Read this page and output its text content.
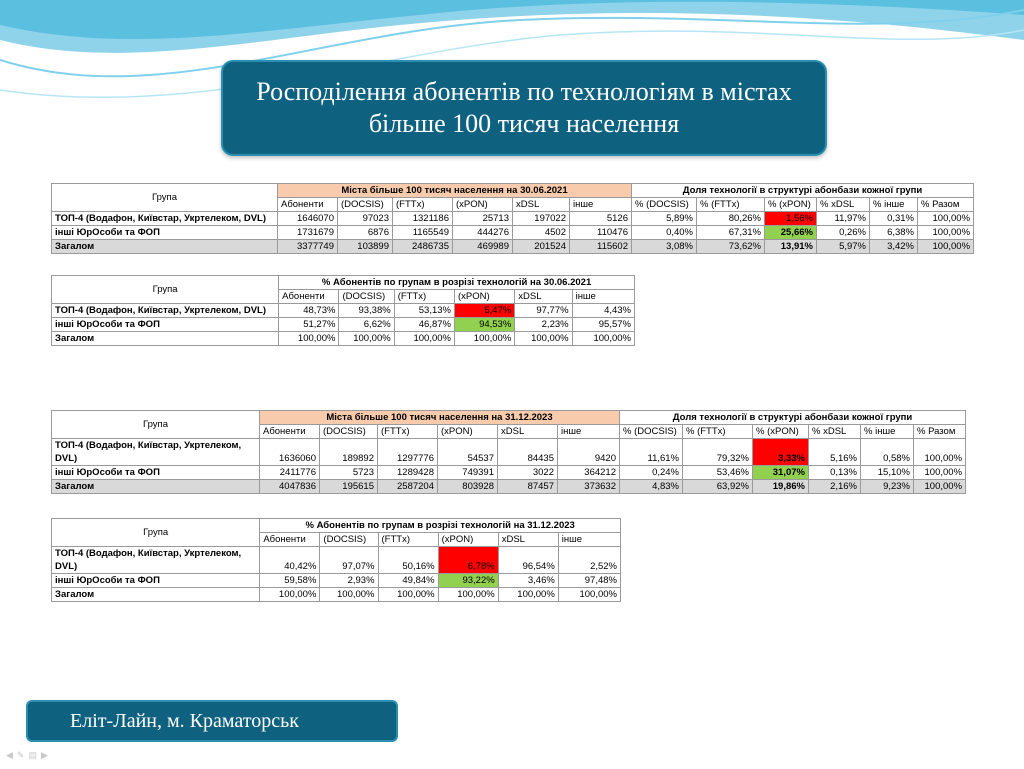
Росподілення абонентів по технологіям в містах
більше 100 тисяч населення
Група	Міста більше 100 тисяч населення на 30.06.2021						Доля технології в структурі абонбази кожної групи					
	Абоненти	(DOCSIS)	(FTTx)	(xPON)	xDSL	інше	% (DOCSIS)	% (FTTx)	% (xPON)	% xDSL	% інше	% Разом
ТОП-4 (Водафон, Київстар, Укртелеком, DVL)	1646070	97023	1321186	25713	197022	5126	5,89%	80,26%	1,56%	11,97%	0,31%	100,00%
інші ЮрОсоби та ФОП	1731679	6876	1165549	444276	4502	110476	0,40%	67,31%	25,66%	0,26%	6,38%	100,00%
Загалом	3377749	103899	2486735	469989	201524	115602	3,08%	73,62%	13,91%	5,97%	3,42%	100,00%
Група	% Абонентів по групам в розрізі технологій на 30.06.2021					
	Абоненти	(DOCSIS)	(FTTx)	(xPON)	xDSL	інше
ТОП-4 (Водафон, Київстар, Укртелеком, DVL)	48,73%	93,38%	53,13%	5,47%	97,77%	4,43%
інші ЮрОсоби та ФОП	51,27%	6,62%	46,87%	94,53%	2,23%	95,57%
Загалом	100,00%	100,00%	100,00%	100,00%	100,00%	100,00%
Група	Міста більше 100 тисяч населення на 31.12.2023						Доля технології в структурі абонбази кожної групи					
	Абоненти	(DOCSIS)	(FTTx)	(xPON)	xDSL	інше	% (DOCSIS)	% (FTTx)	% (xPON)	% xDSL	% інше	% Разом
ТОП-4 (Водафон, Київстар, Укртелеком, DVL)	1636060	189892	1297776	54537	84435	9420	11,61%	79,32%	3,33%	5,16%	0,58%	100,00%
інші ЮрОсоби та ФОП	2411776	5723	1289428	749391	3022	364212	0,24%	53,46%	31,07%	0,13%	15,10%	100,00%
Загалом	4047836	195615	2587204	803928	87457	373632	4,83%	63,92%	19,86%	2,16%	9,23%	100,00%
Група	% Абонентів по групам в розрізі технологій на 31.12.2023					
	Абоненти	(DOCSIS)	(FTTx)	(xPON)	xDSL	інше
ТОП-4 (Водафон, Київстар, Укртелеком, DVL)	40,42%	97,07%	50,16%	6,78%	96,54%	2,52%
інші ЮрОсоби та ФОП	59,58%	2,93%	49,84%	93,22%	3,46%	97,48%
Загалом	100,00%	100,00%	100,00%	100,00%	100,00%	100,00%
Еліт-Лайн, м. Краматорськ
◀✎▤▶
